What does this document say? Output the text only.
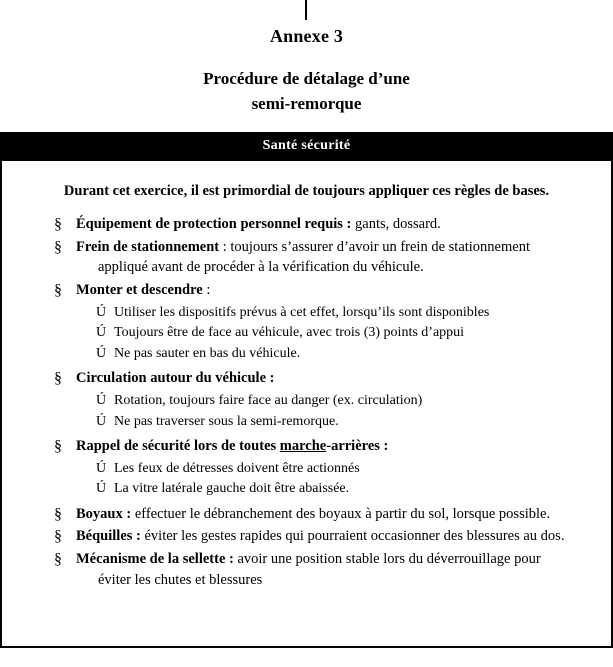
Annexe 3
Procédure de détalage d’une
semi-remorque
Santé sécurité
Durant cet exercice, il est primordial de toujours appliquer ces règles de bases.
§ Équipement de protection personnel requis : gants, dossard.
§ Frein de stationnement : toujours s’assurer d’avoir un frein de stationnement
appliqué avant de procéder à la vérification du véhicule.
§ Monter et descendre :
Ú Utiliser les dispositifs prévus à cet effet, lorsqu’ils sont disponibles
Ú Toujours être de face au véhicule, avec trois (3) points d’appui
Ú Ne pas sauter en bas du véhicule.
§ Circulation autour du véhicule :
Ú Rotation, toujours faire face au danger (ex. circulation)
Ú Ne pas traverser sous la semi-remorque.
§ Rappel de sécurité lors de toutes marche-arrières :
Ú Les feux de détresses doivent être actionnés
Ú La vitre latérale gauche doit être abaissée.
§ Boyaux : effectuer le débranchement des boyaux à partir du sol, lorsque possible.
§ Béquilles : éviter les gestes rapides qui pourraient occasionner des blessures au dos.
§ Mécanisme de la sellette : avoir une position stable lors du déverrouillage pour
éviter les chutes et blessures
